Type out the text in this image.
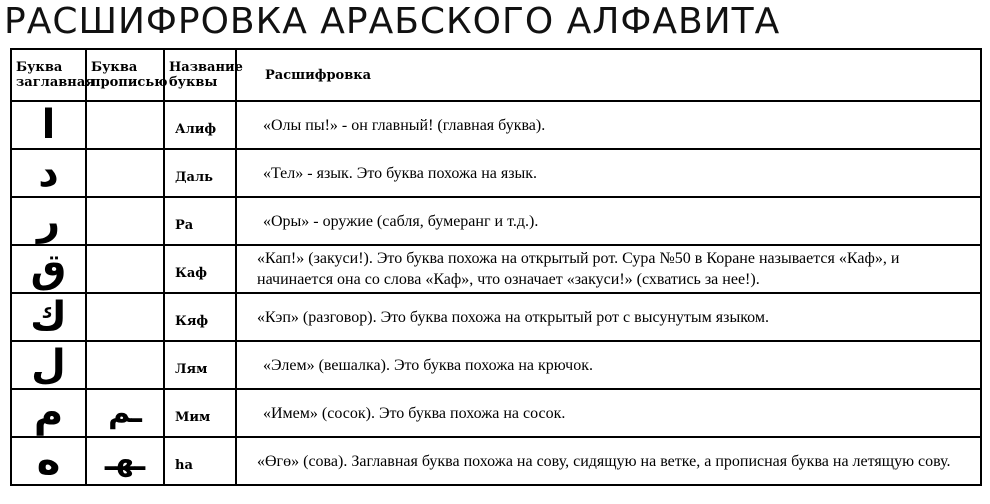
РАСШИФРОВКА АРАБСКОГО АЛФАВИТА
Буква заглавная	Буква прописью	Название буквы	Расшифровка
ا		Алиф	«Олы пы!» - он главный! (главная буква).
د		Даль	«Тел» - язык. Это буква похожа на язык.
ر		Ра	«Оры» - оружие (сабля, бумеранг и т.д.).
ق		Каф	«Кап!» (закуси!). Это буква похожа на открытый рот. Сура №50 в Коране называется «Каф», и начинается она со слова «Каф», что означает «закуси!» (схватись за нее!).
ك		Кяф	«Кэп» (разговор). Это буква похожа на открытый рот с высунутым языком.
ل		Лям	«Элем» (вешалка). Это буква похожа на крючок.
م	ـم	Мим	«Имем» (сосок). Это буква похожа на сосок.
ه	ـهـ	hа	«Өгө» (сова). Заглавная буква похожа на сову, сидящую на ветке, а прописная буква на летящую сову.
